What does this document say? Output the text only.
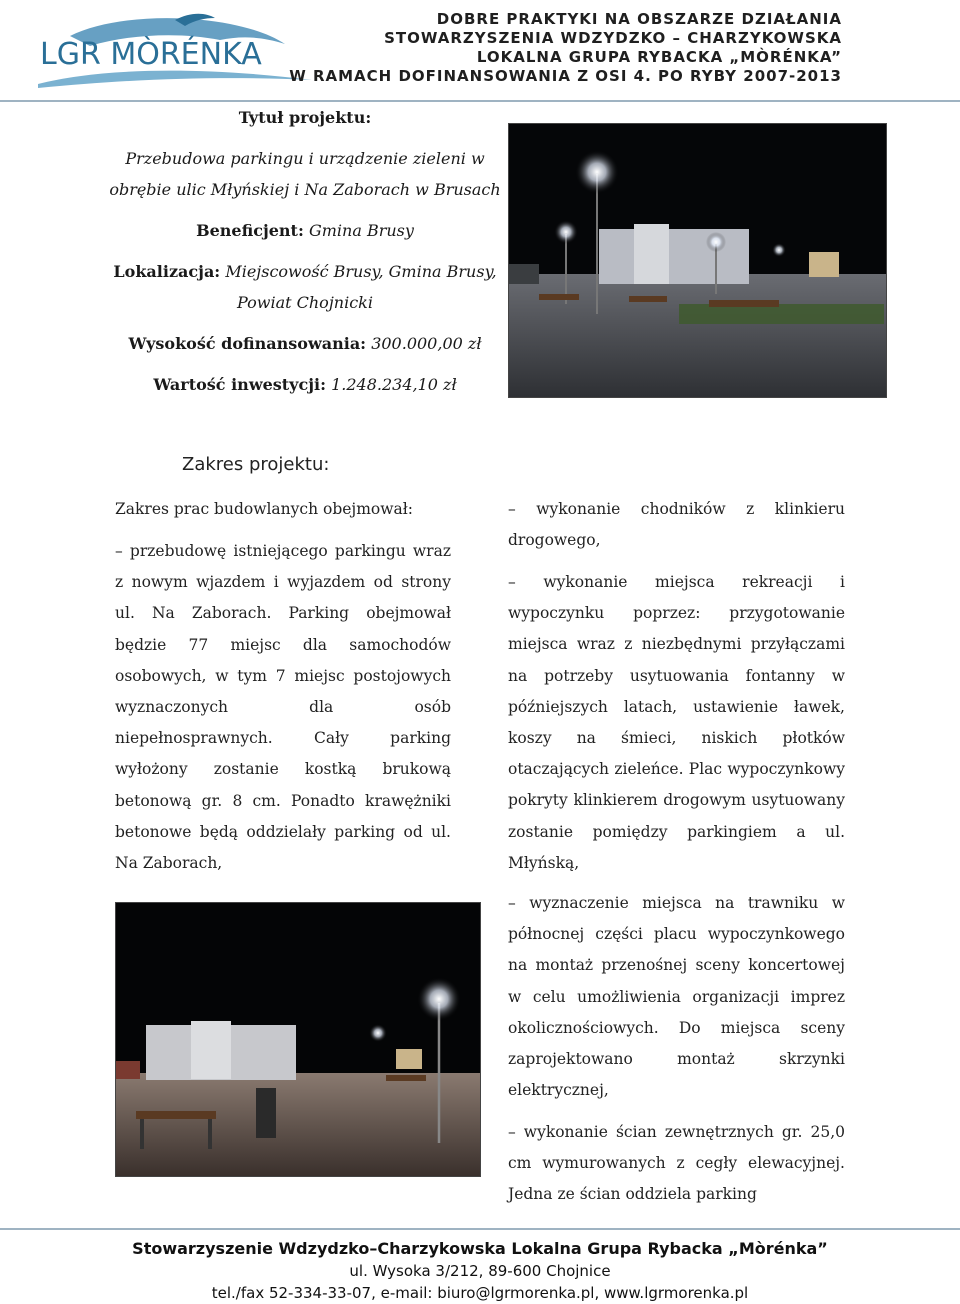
LGR MÒRÉNKA
DOBRE PRAKTYKI NA OBSZARZE DZIAŁANIA
STOWARZYSZENIA WDZYDZKO – CHARZYKOWSKA
LOKALNA GRUPA RYBACKA „MÒRÉNKA”
W RAMACH DOFINANSOWANIA Z OSI 4. PO RYBY 2007-2013
Tytuł projektu:
Przebudowa parkingu i urządzenie zieleni w
obrębie ulic Młyńskiej i Na Zaborach w Brusach
Beneficjent: Gmina Brusy
Lokalizacja: Miejscowość Brusy, Gmina Brusy,
Powiat Chojnicki
Wysokość dofinansowania: 300.000,00 zł
Wartość inwestycji: 1.248.234,10 zł
Zakres projektu:

Zakres prac budowlanych obejmował:

– przebudowę istniejącego parkingu wraz z nowym wjazdem i wyjazdem od strony ul. Na Zaborach. Parking obejmował będzie 77 miejsc dla samochodów osobowych, w tym 7 miejsc postojowych wyznaczonych dla osób niepełnosprawnych. Cały parking wyłożony zostanie kostką brukową betonową gr. 8 cm. Ponadto krawężniki betonowe będą oddzielały parking od ul. Na Zaborach,

– wykonanie chodników z klinkieru drogowego,

– wykonanie miejsca rekreacji i wypoczynku poprzez: przygotowanie miejsca wraz z niezbędnymi przyłączami na potrzeby usytuowania fontanny w późniejszych latach, ustawienie ławek, koszy na śmieci, niskich płotków otaczających zieleńce. Plac wypoczynkowy pokryty klinkierem drogowym usytuowany zostanie pomiędzy parkingiem a ul. Młyńską,

– wyznaczenie miejsca na trawniku w północnej części placu wypoczynkowego na montaż przenośnej sceny koncertowej w celu umożliwienia organizacji imprez okolicznościowych. Do miejsca sceny zaprojektowano montaż skrzynki elektrycznej,

– wykonanie ścian zewnętrznych gr. 25,0 cm wymurowanych z cegły elewacyjnej. Jedna ze ścian oddziela parking

Stowarzyszenie Wdzydzko–Charzykowska Lokalna Grupa Rybacka „Mòrénka”
ul. Wysoka 3/212, 89-600 Chojnice
tel./fax 52-334-33-07, e-mail: biuro@lgrmorenka.pl, www.lgrmorenka.pl
